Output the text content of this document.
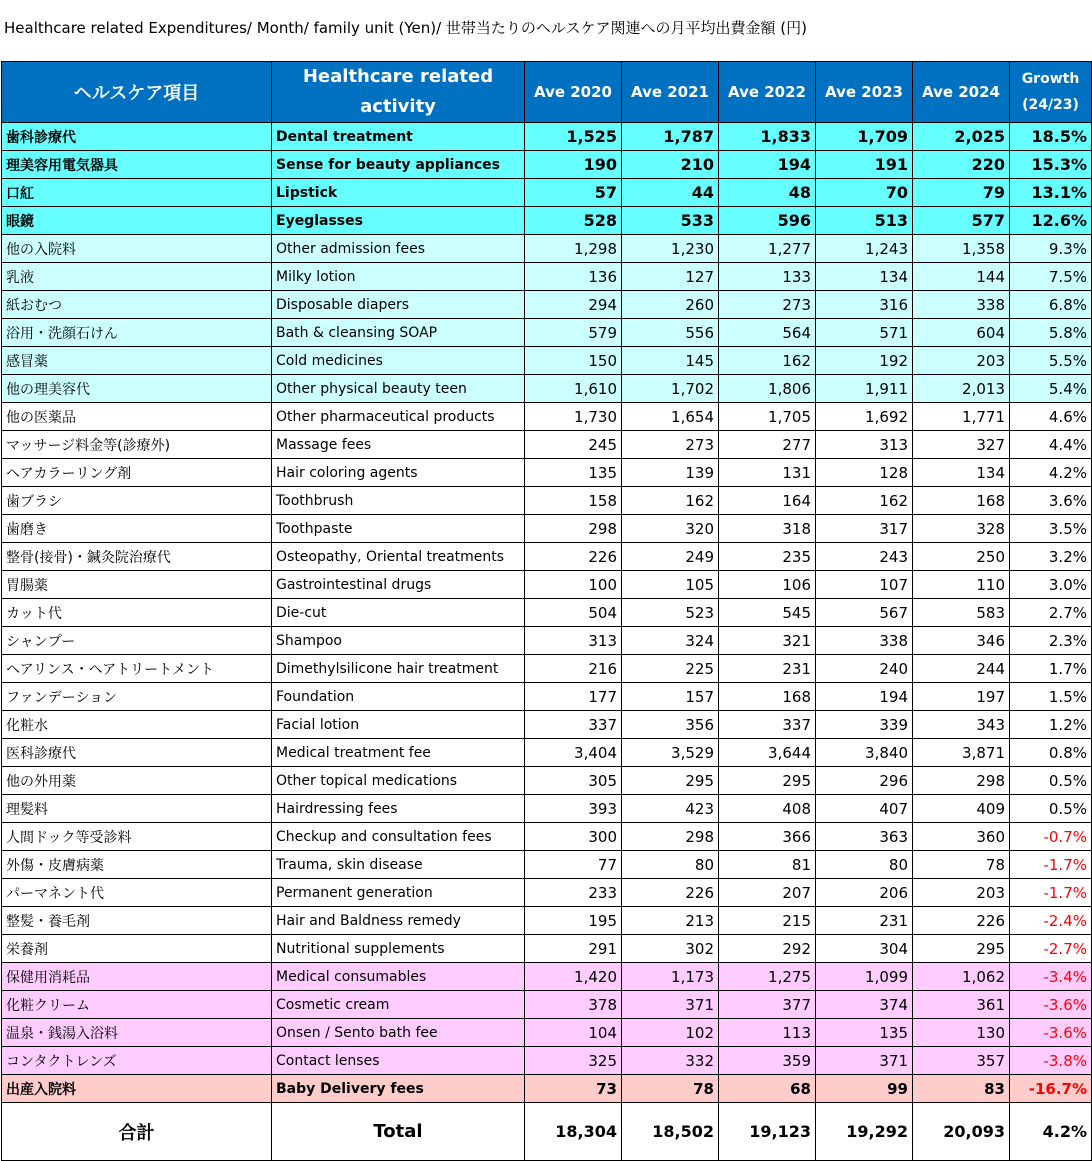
Healthcare related Expenditures/ Month/ family unit (Yen)/ 世帯当たりのヘルスケア関連への月平均出費金額 (円)
ヘルスケア項目	Healthcare related activity	Ave 2020	Ave 2021	Ave 2022	Ave 2023	Ave 2024	Growth (24/23)
歯科診療代	Dental treatment	1,525	1,787	1,833	1,709	2,025	18.5%
理美容用電気器具	Sense for beauty appliances	190	210	194	191	220	15.3%
口紅	Lipstick	57	44	48	70	79	13.1%
眼鏡	Eyeglasses	528	533	596	513	577	12.6%
他の入院料	Other admission fees	1,298	1,230	1,277	1,243	1,358	9.3%
乳液	Milky lotion	136	127	133	134	144	7.5%
紙おむつ	Disposable diapers	294	260	273	316	338	6.8%
浴用・洗顔石けん	Bath & cleansing SOAP	579	556	564	571	604	5.8%
感冒薬	Cold medicines	150	145	162	192	203	5.5%
他の理美容代	Other physical beauty teen	1,610	1,702	1,806	1,911	2,013	5.4%
他の医薬品	Other pharmaceutical products	1,730	1,654	1,705	1,692	1,771	4.6%
マッサージ料金等(診療外)	Massage fees	245	273	277	313	327	4.4%
ヘアカラーリング剤	Hair coloring agents	135	139	131	128	134	4.2%
歯ブラシ	Toothbrush	158	162	164	162	168	3.6%
歯磨き	Toothpaste	298	320	318	317	328	3.5%
整骨(接骨)・鍼灸院治療代	Osteopathy, Oriental treatments	226	249	235	243	250	3.2%
胃腸薬	Gastrointestinal drugs	100	105	106	107	110	3.0%
カット代	Die-cut	504	523	545	567	583	2.7%
シャンプー	Shampoo	313	324	321	338	346	2.3%
ヘアリンス・ヘアトリートメント	Dimethylsilicone hair treatment	216	225	231	240	244	1.7%
ファンデーション	Foundation	177	157	168	194	197	1.5%
化粧水	Facial lotion	337	356	337	339	343	1.2%
医科診療代	Medical treatment fee	3,404	3,529	3,644	3,840	3,871	0.8%
他の外用薬	Other topical medications	305	295	295	296	298	0.5%
理髪料	Hairdressing fees	393	423	408	407	409	0.5%
人間ドック等受診料	Checkup and consultation fees	300	298	366	363	360	-0.7%
外傷・皮膚病薬	Trauma, skin disease	77	80	81	80	78	-1.7%
パーマネント代	Permanent generation	233	226	207	206	203	-1.7%
整髪・養毛剤	Hair and Baldness remedy	195	213	215	231	226	-2.4%
栄養剤	Nutritional supplements	291	302	292	304	295	-2.7%
保健用消耗品	Medical consumables	1,420	1,173	1,275	1,099	1,062	-3.4%
化粧クリーム	Cosmetic cream	378	371	377	374	361	-3.6%
温泉・銭湯入浴料	Onsen / Sento bath fee	104	102	113	135	130	-3.6%
コンタクトレンズ	Contact lenses	325	332	359	371	357	-3.8%
出産入院料	Baby Delivery fees	73	78	68	99	83	-16.7%
合計	Total	18,304	18,502	19,123	19,292	20,093	4.2%
